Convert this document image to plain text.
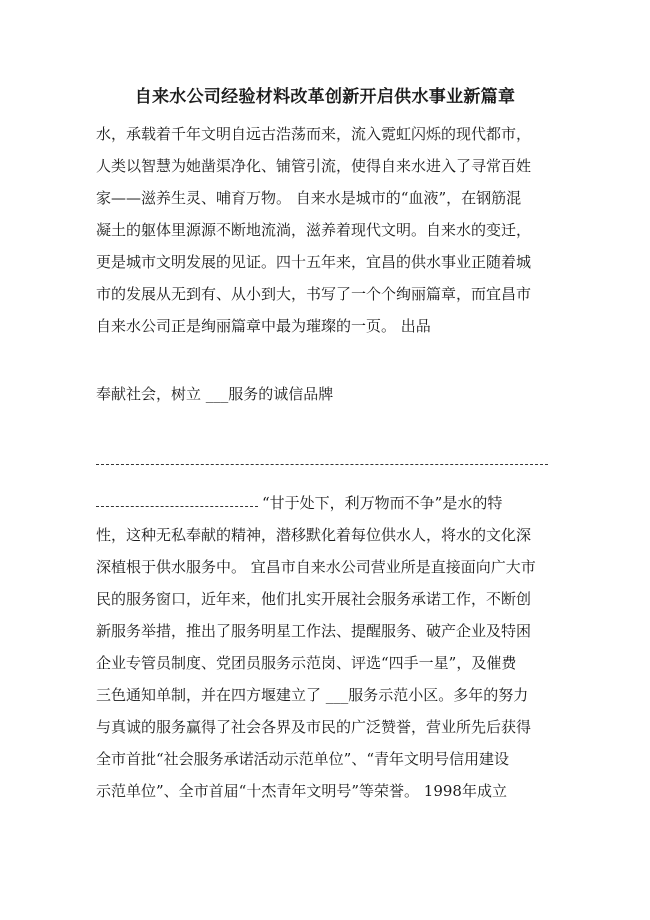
自来水公司经验材料改革创新开启供水事业新篇章
水，承载着千年文明自远古浩荡而来，流入霓虹闪烁的现代都市，
人类以智慧为她凿渠净化、铺管引流，使得自来水进入了寻常百姓
家——滋养生灵、哺育万物。 自来水是城市的“血液”，在钢筋混
凝土的躯体里源源不断地流淌，滋养着现代文明。自来水的变迁，
更是城市文明发展的见证。四十五年来，宜昌的供水事业正随着城
市的发展从无到有、从小到大，书写了一个个绚丽篇章，而宜昌市
自来水公司正是绚丽篇章中最为璀璨的一页。 出品
奉献社会，树立 ___服务的诚信品牌
“甘于处下，利万物而不争”是水的特
性，这种无私奉献的精神，潜移默化着每位供水人，将水的文化深
深植根于供水服务中。 宜昌市自来水公司营业所是直接面向广大市
民的服务窗口，近年来，他们扎实开展社会服务承诺工作，不断创
新服务举措，推出了服务明星工作法、提醒服务、破产企业及特困
企业专管员制度、党团员服务示范岗、评选“四手一星”，及催费
三色通知单制，并在四方堰建立了 ___服务示范小区。多年的努力
与真诚的服务赢得了社会各界及市民的广泛赞誉，营业所先后获得
全市首批“社会服务承诺活动示范单位”、“青年文明号信用建设
示范单位”、全市首届“十杰青年文明号”等荣誉。 1998年成立
